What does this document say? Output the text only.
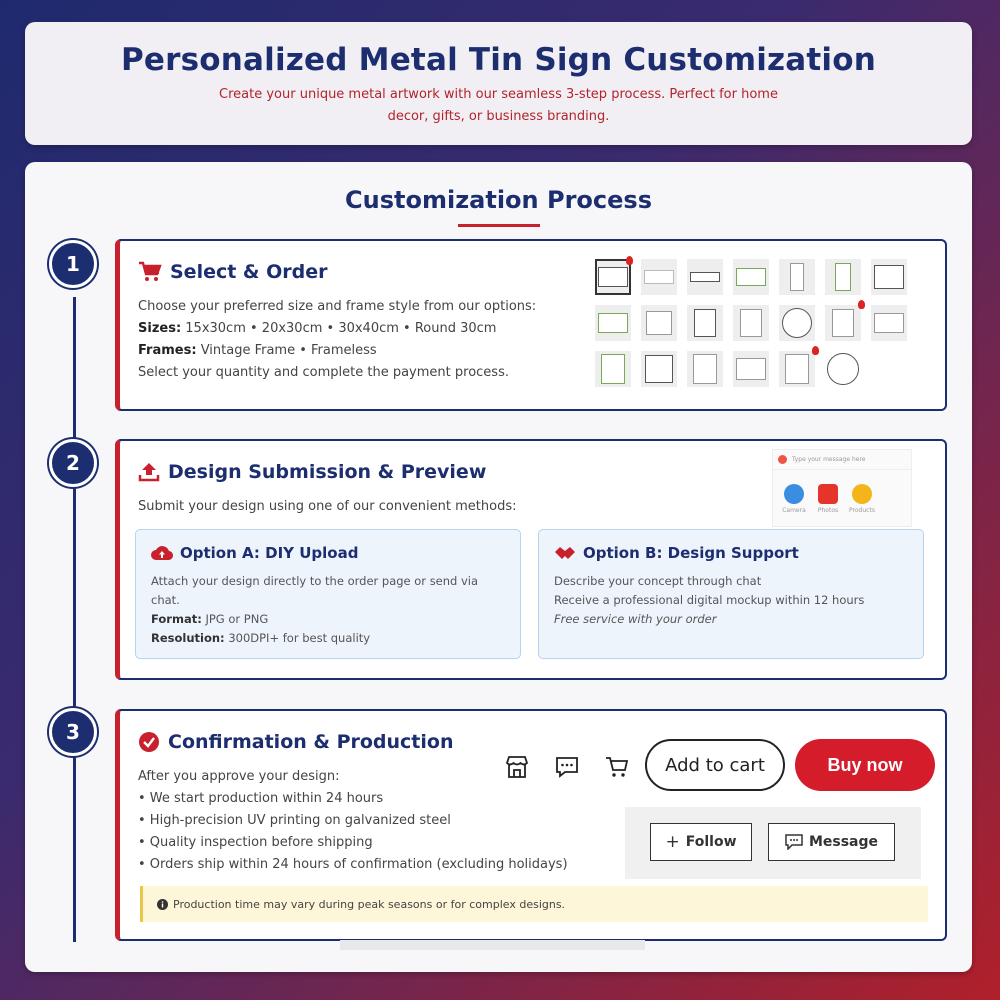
Personalized Metal Tin Sign Customization

Create your unique metal artwork with our seamless 3-step process. Perfect for home decor, gifts, or business branding.

Customization Process
1	Select & Order
Choose your preferred size and frame style from our options:
Sizes: 15x30cm • 20x30cm • 30x40cm • Round 30cm
Frames: Vintage Frame • Frameless
Select your quantity and complete the payment process.
2	Design Submission & Preview
Submit your design using one of our convenient methods:
Type your message here
Camera	Photos	Products
Option A: DIY Upload
Attach your design directly to the order page or send via chat.
Format: JPG or PNG
Resolution: 300DPI+ for best quality
Option B: Design Support
Describe your concept through chat
Receive a professional digital mockup within 12 hours
Free service with your order
3	Confirmation & Production
After you approve your design:
• We start production within 24 hours
• High-precision UV printing on galvanized steel
• Quality inspection before shipping
• Orders ship within 24 hours of confirmation (excluding holidays)
Add to cart	Buy now
+ Follow	Message
Production time may vary during peak seasons or for complex designs.
